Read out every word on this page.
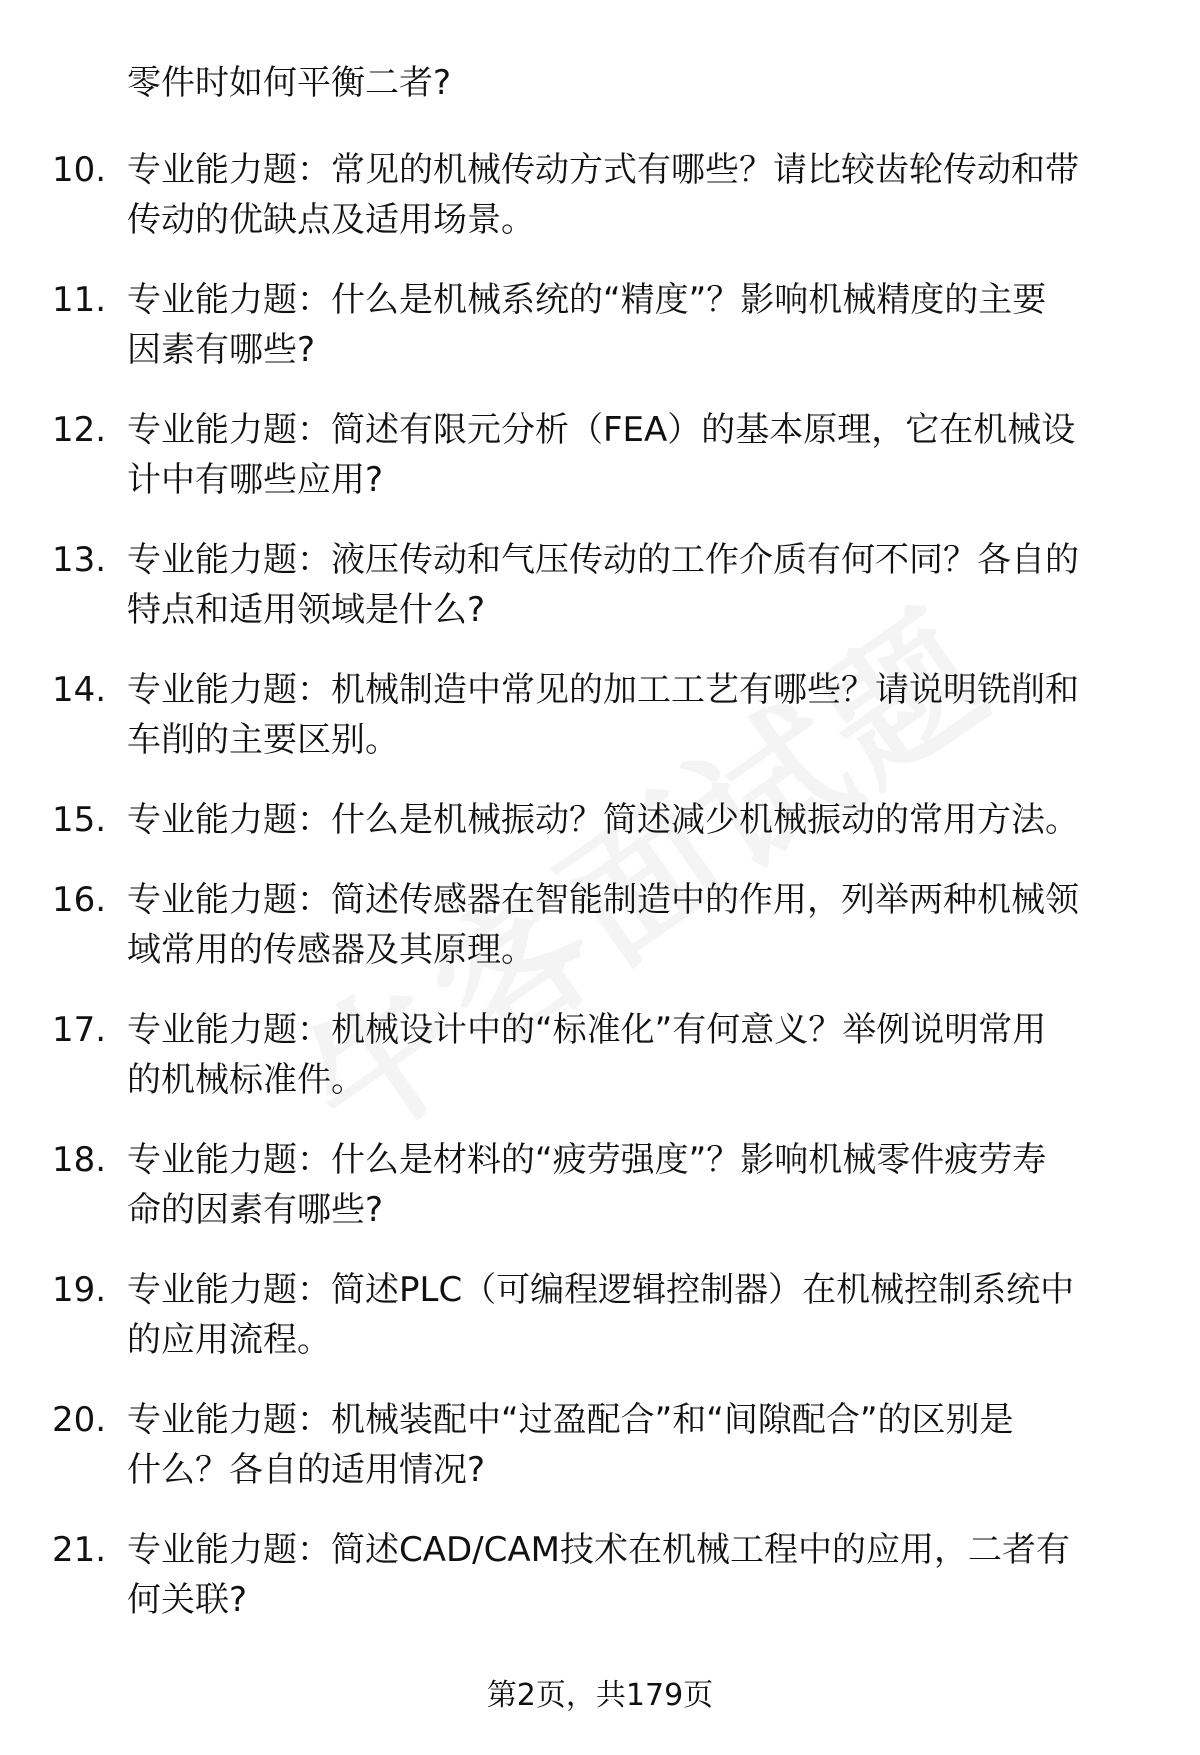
零件时如何平衡二者?
10. 专业能力题：常见的机械传动方式有哪些？请比较齿轮传动和带
传动的优缺点及适用场景。
11. 专业能力题：什么是机械系统的“精度”？影响机械精度的主要
因素有哪些?
12. 专业能力题：简述有限元分析（FEA）的基本原理，它在机械设
计中有哪些应用?
13. 专业能力题：液压传动和气压传动的工作介质有何不同？各自的
特点和适用领域是什么?
14. 专业能力题：机械制造中常见的加工工艺有哪些？请说明铣削和
车削的主要区别。
15. 专业能力题：什么是机械振动？简述减少机械振动的常用方法。
16. 专业能力题：简述传感器在智能制造中的作用，列举两种机械领
域常用的传感器及其原理。
17. 专业能力题：机械设计中的“标准化”有何意义？举例说明常用
的机械标准件。
18. 专业能力题：什么是材料的“疲劳强度”？影响机械零件疲劳寿
命的因素有哪些?
19. 专业能力题：简述PLC（可编程逻辑控制器）在机械控制系统中
的应用流程。
20. 专业能力题：机械装配中“过盈配合”和“间隙配合”的区别是
什么？各自的适用情况?
21. 专业能力题：简述CAD/CAM技术在机械工程中的应用，二者有
何关联?
第2页，共179页
